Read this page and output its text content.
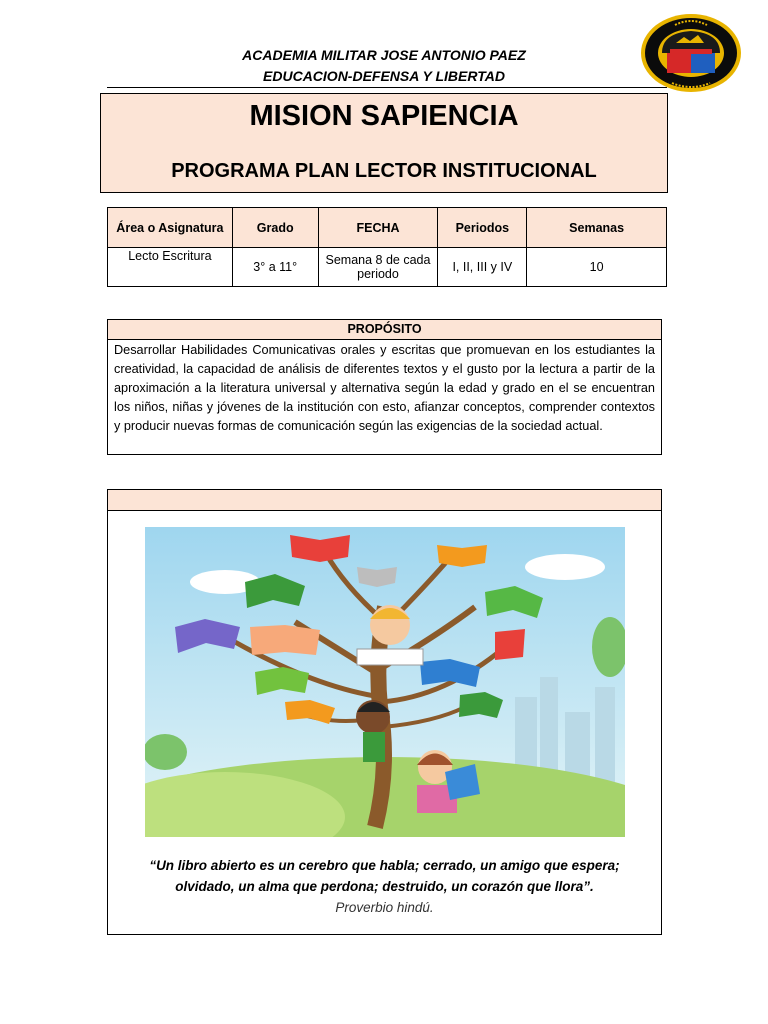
ACADEMIA MILITAR JOSE ANTONIO PAEZ
EDUCACION-DEFENSA Y LIBERTAD
MISION SAPIENCIA
PROGRAMA PLAN LECTOR INSTITUCIONAL
Área o Asignatura	Grado	FECHA	Periodos	Semanas
Lecto Escritura	3° a 11°	Semana 8 de cada periodo	I, II, III y IV	10
PROPÓSITO
Desarrollar Habilidades Comunicativas orales y escritas que promuevan en los estudiantes la creatividad, la capacidad de análisis de diferentes textos y el gusto por la lectura a partir de la aproximación a la literatura universal y alternativa según la edad y grado en el se encuentran los niños, niñas y jóvenes de la institución con esto, afianzar conceptos, comprender contextos y producir nuevas formas de comunicación según las exigencias de la sociedad actual.
“Un libro abierto es un cerebro que habla; cerrado, un amigo que espera;
olvidado, un alma que perdona; destruido, un corazón que llora”.
Proverbio hindú.
